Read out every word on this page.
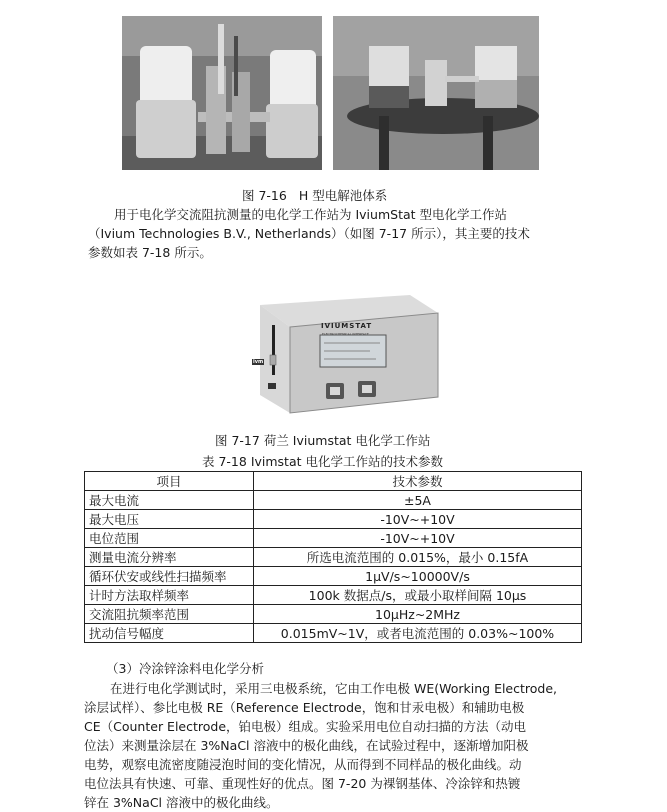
图 7-16 H 型电解池体系
用于电化学交流阻抗测量的电化学工作站为 IviumStat 型电化学工作站
（Ivium Technologies B.V., Netherlands）（如图 7-17 所示），其主要的技术
参数如表 7-18 所示。
IVIUMSTAT
ELECTROCHEMICAL INTERFACE
ivm
图 7-17 荷兰 Iviumstat 电化学工作站
表 7-18 Ivimstat 电化学工作站的技术参数
项目	技术参数
最大电流	±5A
最大电压	-10V~+10V
电位范围	-10V~+10V
测量电流分辨率	所选电流范围的 0.015%，最小 0.15fA
循环伏安或线性扫描频率	1μV/s~10000V/s
计时方法取样频率	100k 数据点/s，或最小取样间隔 10μs
交流阻抗频率范围	10μHz~2MHz
扰动信号幅度	0.015mV~1V，或者电流范围的 0.03%~100%
（3）冷涂锌涂料电化学分析
在进行电化学测试时，采用三电极系统，它由工作电极 WE(Working Electrode,
涂层试样）、参比电极 RE（Reference Electrode，饱和甘汞电极）和辅助电极
CE（Counter Electrode，铂电极）组成。实验采用电位自动扫描的方法（动电
位法）来测量涂层在 3%NaCl 溶液中的极化曲线，在试验过程中，逐渐增加阳极
电势，观察电流密度随浸泡时间的变化情况，从而得到不同样品的极化曲线。动
电位法具有快速、可靠、重现性好的优点。图 7-20 为裸钢基体、冷涂锌和热镀
锌在 3%NaCl 溶液中的极化曲线。
